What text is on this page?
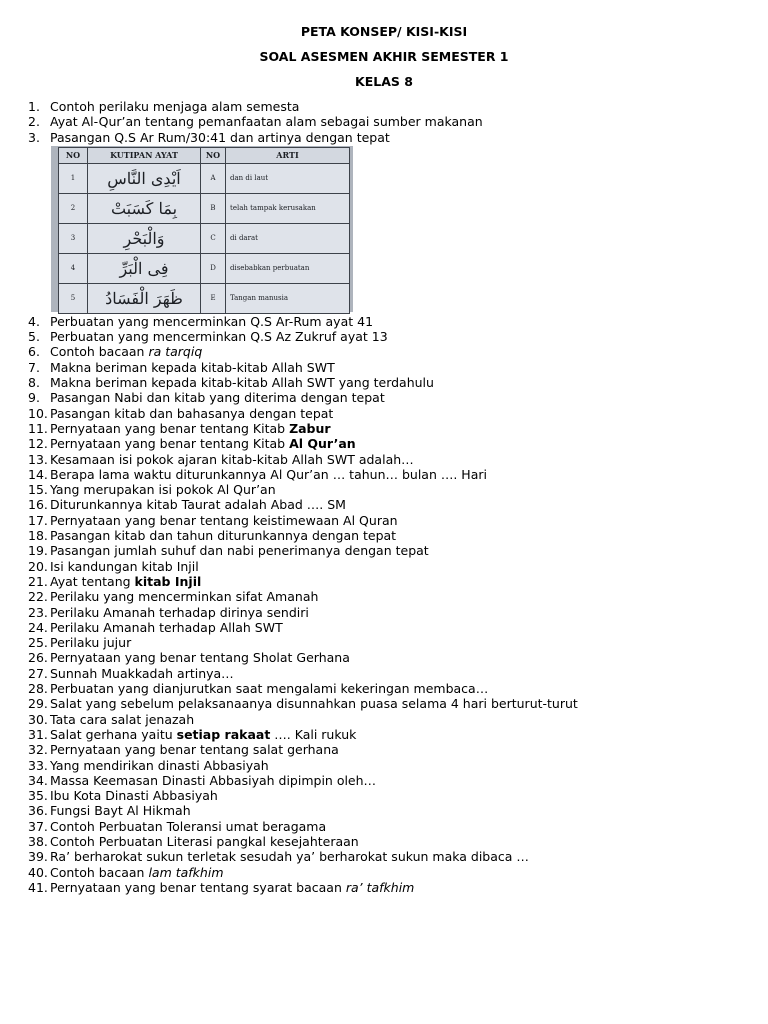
PETA KONSEP/ KISI-KISI
SOAL ASESMEN AKHIR SEMESTER 1
KELAS 8
1. Contoh perilaku menjaga alam semesta
2. Ayat Al-Qur’an tentang pemanfaatan alam sebagai sumber makanan
3. Pasangan Q.S Ar Rum/30:41 dan artinya dengan tepat
NO	KUTIPAN AYAT	NO	ARTI
1	اَيْدِى النَّاسِ	A	dan di laut
2	بِمَا كَسَبَتْ	B	telah tampak kerusakan
3	وَالْبَحْرِ	C	di darat
4	فِى الْبَرِّ	D	disebabkan perbuatan
5	ظَهَرَ الْفَسَادُ	E	Tangan manusia
4. Perbuatan yang mencerminkan Q.S Ar-Rum ayat 41
5. Perbuatan yang mencerminkan Q.S Az Zukruf ayat 13
6. Contoh bacaan ra tarqiq
7. Makna beriman kepada kitab-kitab Allah SWT
8. Makna beriman kepada kitab-kitab Allah SWT yang terdahulu
9. Pasangan Nabi dan kitab yang diterima dengan tepat
10. Pasangan kitab dan bahasanya dengan tepat
11. Pernyataan yang benar tentang Kitab Zabur
12. Pernyataan yang benar tentang Kitab Al Qur’an
13. Kesamaan isi pokok ajaran kitab-kitab Allah SWT adalah…
14. Berapa lama waktu diturunkannya Al Qur’an … tahun… bulan …. Hari
15. Yang merupakan isi pokok Al Qur’an
16. Diturunkannya kitab Taurat adalah Abad …. SM
17. Pernyataan yang benar tentang keistimewaan Al Quran
18. Pasangan kitab dan tahun diturunkannya dengan tepat
19. Pasangan jumlah suhuf dan nabi penerimanya dengan tepat
20. Isi kandungan kitab Injil
21. Ayat tentang kitab Injil
22. Perilaku yang mencerminkan sifat Amanah
23. Perilaku Amanah terhadap dirinya sendiri
24. Perilaku Amanah terhadap Allah SWT
25. Perilaku jujur
26. Pernyataan yang benar tentang Sholat Gerhana
27. Sunnah Muakkadah artinya…
28. Perbuatan yang dianjurutkan saat mengalami kekeringan membaca…
29. Salat yang sebelum pelaksanaanya disunnahkan puasa selama 4 hari berturut-turut
30. Tata cara salat jenazah
31. Salat gerhana yaitu setiap rakaat …. Kali rukuk
32. Pernyataan yang benar tentang salat gerhana
33. Yang mendirikan dinasti Abbasiyah
34. Massa Keemasan Dinasti Abbasiyah dipimpin oleh…
35. Ibu Kota Dinasti Abbasiyah
36. Fungsi Bayt Al Hikmah
37. Contoh Perbuatan Toleransi umat beragama
38. Contoh Perbuatan Literasi pangkal kesejahteraan
39. Ra’ berharokat sukun terletak sesudah ya’ berharokat sukun maka dibaca …
40. Contoh bacaan lam tafkhim
41. Pernyataan yang benar tentang syarat bacaan ra’ tafkhim
